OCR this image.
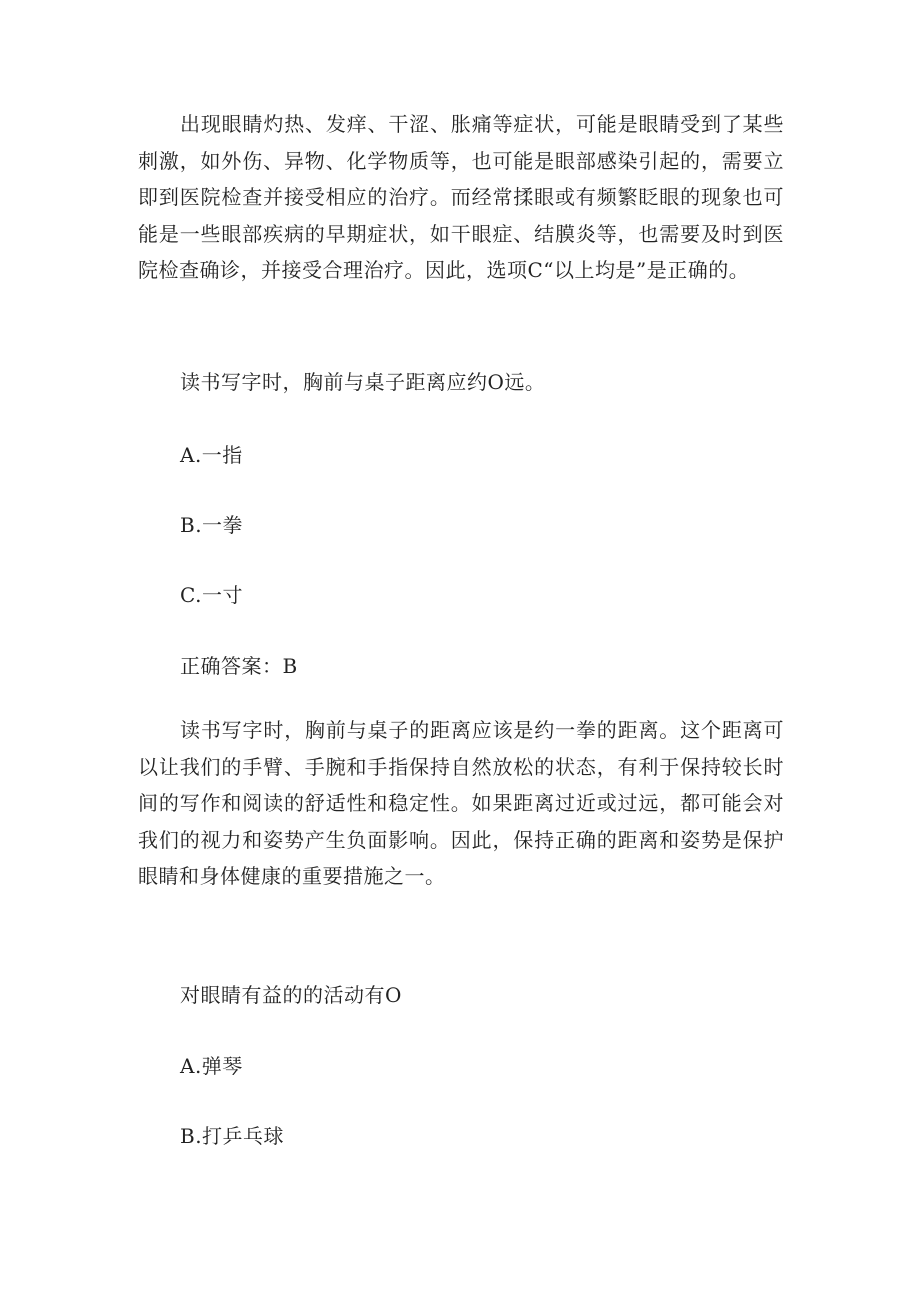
出现眼睛灼热、发痒、干涩、胀痛等症状，可能是眼睛受到了某些刺激，如外伤、异物、化学物质等，也可能是眼部感染引起的，需要立即到医院检查并接受相应的治疗。而经常揉眼或有频繁眨眼的现象也可能是一些眼部疾病的早期症状，如干眼症、结膜炎等，也需要及时到医院检查确诊，并接受合理治疗。因此，选项C“以上均是”是正确的。

读书写字时，胸前与桌子距离应约O远。

A.一指

B.一拳

C.一寸

正确答案：B

读书写字时，胸前与桌子的距离应该是约一拳的距离。这个距离可以让我们的手臂、手腕和手指保持自然放松的状态，有利于保持较长时间的写作和阅读的舒适性和稳定性。如果距离过近或过远，都可能会对我们的视力和姿势产生负面影响。因此，保持正确的距离和姿势是保护眼睛和身体健康的重要措施之一。

对眼睛有益的的活动有O

A.弹琴

B.打乒乓球
